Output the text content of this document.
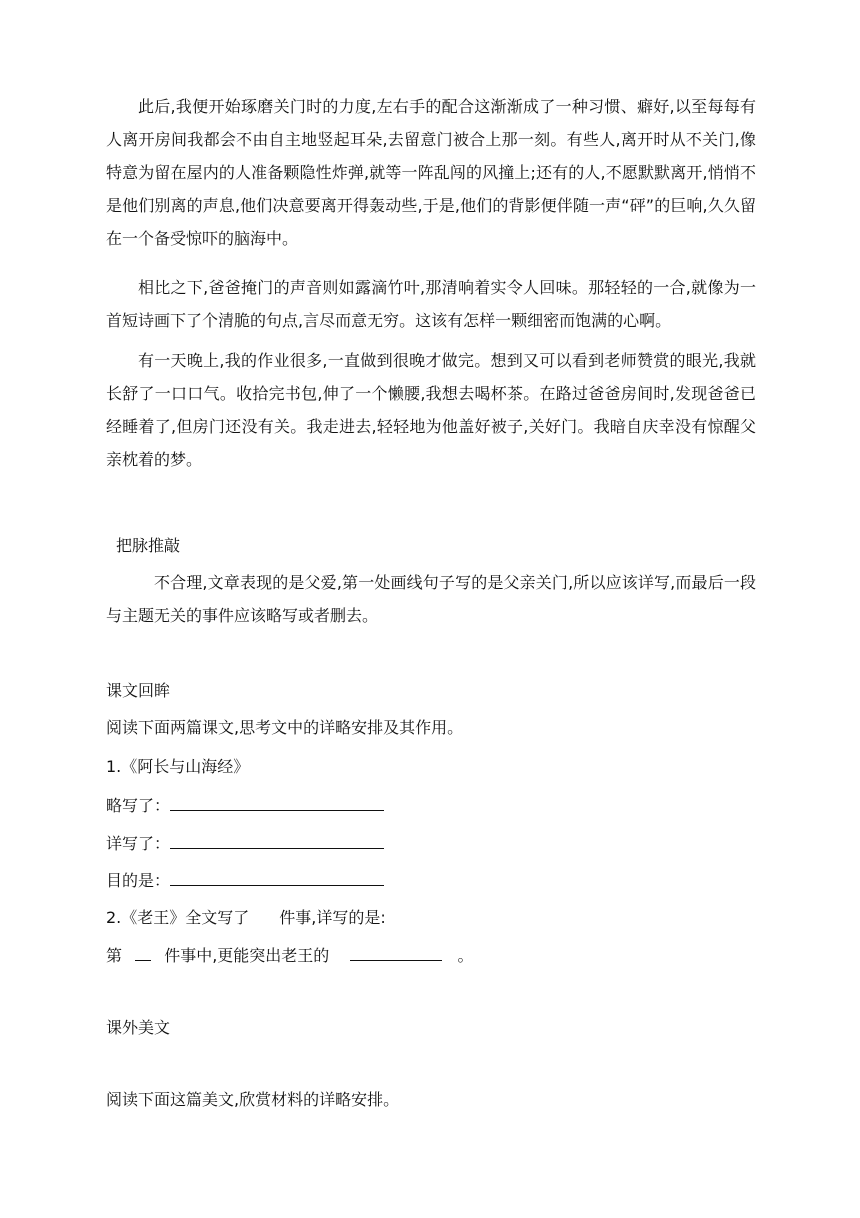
此后,我便开始琢磨关门时的力度,左右手的配合这渐渐成了一种习惯、癖好,以至每每有人离开房间我都会不由自主地竖起耳朵,去留意门被合上那一刻。有些人,离开时从不关门,像特意为留在屋内的人准备颗隐性炸弹,就等一阵乱闯的风撞上;还有的人,不愿默默离开,悄悄不是他们别离的声息,他们决意要离开得轰动些,于是,他们的背影便伴随一声“砰”的巨响,久久留在一个备受惊吓的脑海中。

相比之下,爸爸掩门的声音则如露滴竹叶,那清响着实令人回味。那轻轻的一合,就像为一首短诗画下了个清脆的句点,言尽而意无穷。这该有怎样一颗细密而饱满的心啊。

有一天晚上,我的作业很多,一直做到很晚才做完。想到又可以看到老师赞赏的眼光,我就长舒了一口口气。收拾完书包,伸了一个懒腰,我想去喝杯茶。在路过爸爸房间时,发现爸爸已经睡着了,但房门还没有关。我走进去,轻轻地为他盖好被子,关好门。我暗自庆幸没有惊醒父亲枕着的梦。

把脉推敲

不合理,文章表现的是父爱,第一处画线句子写的是父亲关门,所以应该详写,而最后一段与主题无关的事件应该略写或者删去。

课文回眸
阅读下面两篇课文,思考文中的详略安排及其作用。
1.《阿长与山海经》
略写了：
详写了：
目的是：
2.《老王》全文写了 件事,详写的是:
第	件事中,更能突出老王的	。
课外美文
阅读下面这篇美文,欣赏材料的详略安排。
